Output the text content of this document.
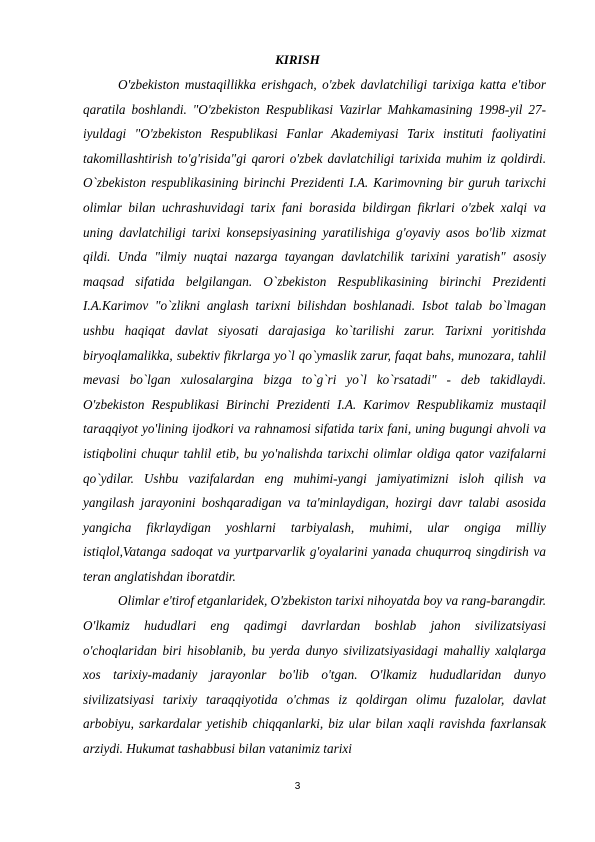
KIRISH

O'zbekiston mustaqillikka erishgach, o'zbek davlatchiligi tarixiga katta e'tibor qaratila boshlandi. "O'zbekiston Respublikasi Vazirlar Mahkamasining 1998-yil 27-iyuldagi "O'zbekiston Respublikasi Fanlar Akademiyasi Tarix instituti faoliyatini takomillashtirish to'g'risida"gi qarori o'zbek davlatchiligi tarixida muhim iz qoldirdi. O`zbekiston respublikasining birinchi Prezidenti I.A. Karimovning bir guruh tarixchi olimlar bilan uchrashuvidagi tarix fani borasida bildirgan fikrlari o'zbek xalqi va uning davlatchiligi tarixi konsepsiyasining yaratilishiga g'oyaviy asos bo'lib xizmat qildi. Unda "ilmiy nuqtai nazarga tayangan davlatchilik tarixini yaratish" asosiy maqsad sifatida belgilangan. O`zbekiston Respublikasining birinchi Prezidenti I.A.Karimov "o`zlikni anglash tarixni bilishdan boshlanadi. Isbot talab bo`lmagan ushbu haqiqat davlat siyosati darajasiga ko`tarilishi zarur. Tarixni yoritishda biryoqlamalikka, subektiv fikrlarga yo`l qo`ymaslik zarur, faqat bahs, munozara, tahlil mevasi bo`lgan xulosalargina bizga to`g`ri yo`l ko`rsatadi" - deb takidlaydi. O'zbekiston Respublikasi Birinchi Prezidenti I.A. Karimov Respublikamiz mustaqil taraqqiyot yo'lining ijodkori va rahnamosi sifatida tarix fani, uning bugungi ahvoli va istiqbolini chuqur tahlil etib, bu yo'nalishda tarixchi olimlar oldiga qator vazifalarni qo`ydilar. Ushbu vazifalardan eng muhimi-yangi jamiyatimizni isloh qilish va yangilash jarayonini boshqaradigan va ta'minlaydigan, hozirgi davr talabi asosida yangicha fikrlaydigan yoshlarni tarbiyalash, muhimi, ular ongiga milliy istiqlol,Vatanga sadoqat va yurtparvarlik g'oyalarini yanada chuqurroq singdirish va teran anglatishdan iboratdir.

Olimlar e'tirof etganlaridek, O'zbekiston tarixi nihoyatda boy va rang-barangdir. O'lkamiz hududlari eng qadimgi davrlardan boshlab jahon sivilizatsiyasi o'choqlaridan biri hisoblanib, bu yerda dunyo sivilizatsiyasidagi mahalliy xalqlarga xos tarixiy-madaniy jarayonlar bo'lib o'tgan. O'lkamiz hududlaridan dunyo sivilizatsiyasi tarixiy taraqqiyotida o'chmas iz qoldirgan olimu fuzalolar, davlat arbobiyu, sarkardalar yetishib chiqqanlarki, biz ular bilan xaqli ravishda faxrlansak arziydi. Hukumat tashabbusi bilan vatanimiz tarixi

3
